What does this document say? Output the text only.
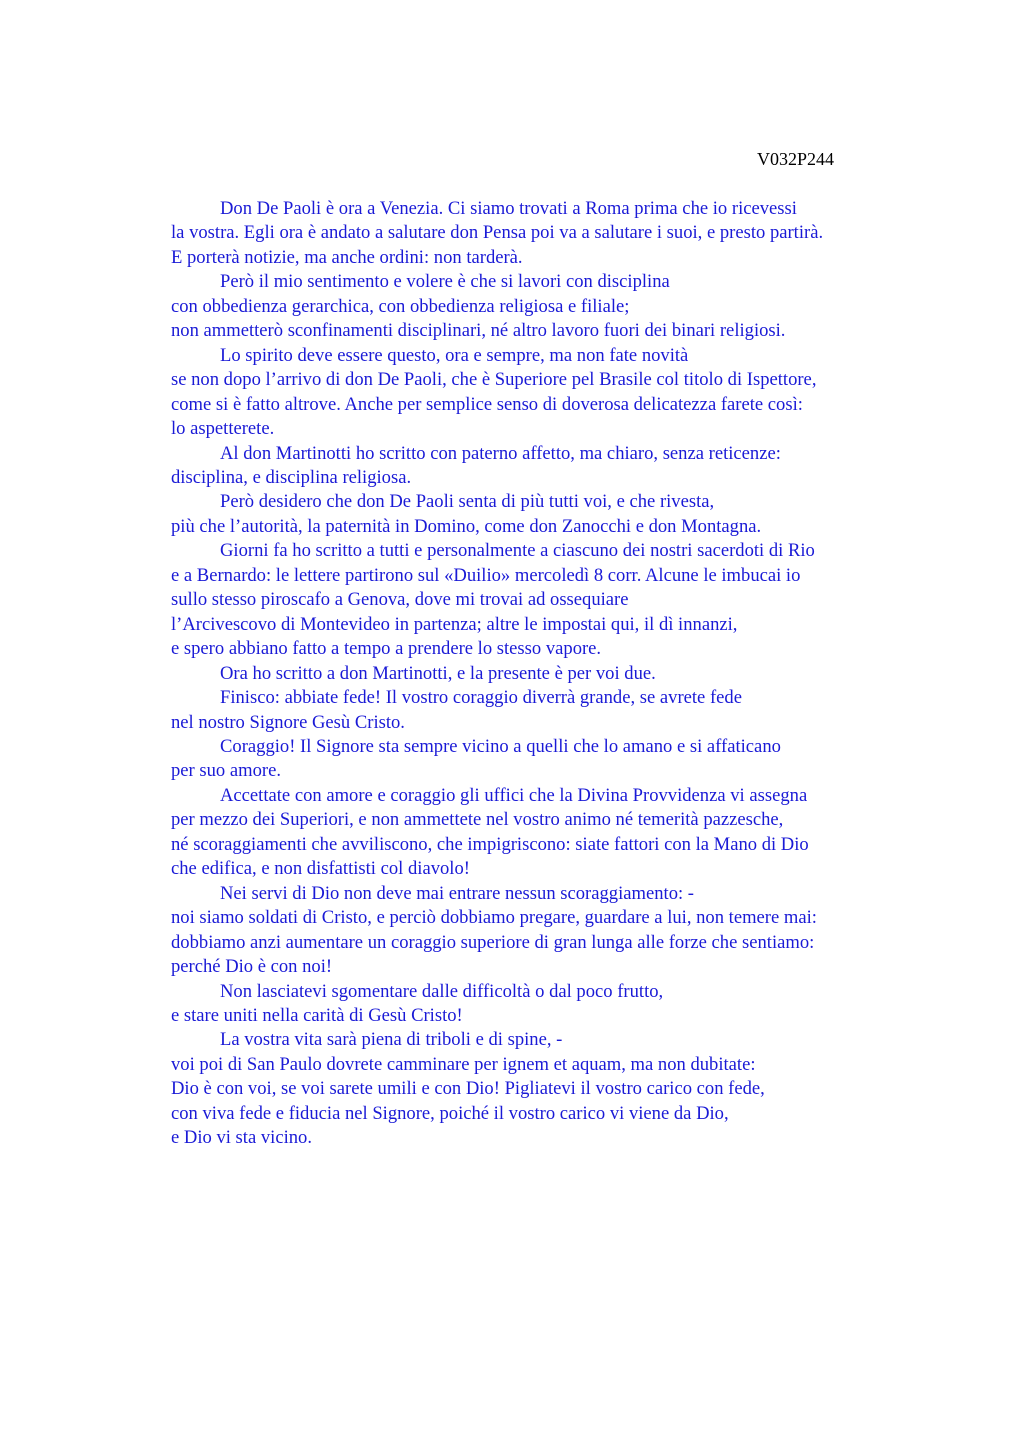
V032P244

Don De Paoli è ora a Venezia. Ci siamo trovati a Roma prima che io ricevessi
la vostra. Egli ora è andato a salutare don Pensa poi va a salutare i suoi, e presto partirà.
E porterà notizie, ma anche ordini: non tarderà.

Però il mio sentimento e volere è che si lavori con disciplina
con obbedienza gerarchica, con obbedienza religiosa e filiale;
non ammetterò sconfinamenti disciplinari, né altro lavoro fuori dei binari religiosi.

Lo spirito deve essere questo, ora e sempre, ma non fate novità
se non dopo l’arrivo di don De Paoli, che è Superiore pel Brasile col titolo di Ispettore,
come si è fatto altrove. Anche per semplice senso di doverosa delicatezza farete così:
lo aspetterete.

Al don Martinotti ho scritto con paterno affetto, ma chiaro, senza reticenze:
disciplina, e disciplina religiosa.

Però desidero che don De Paoli senta di più tutti voi, e che rivesta,
più che l’autorità, la paternità in Domino, come don Zanocchi e don Montagna.

Giorni fa ho scritto a tutti e personalmente a ciascuno dei nostri sacerdoti di Rio
e a Bernardo: le lettere partirono sul «Duilio» mercoledì 8 corr. Alcune le imbucai io
sullo stesso piroscafo a Genova, dove mi trovai ad ossequiare
l’Arcivescovo di Montevideo in partenza; altre le impostai qui, il dì innanzi,
e spero abbiano fatto a tempo a prendere lo stesso vapore.

Ora ho scritto a don Martinotti, e la presente è per voi due.

Finisco: abbiate fede! Il vostro coraggio diverrà grande, se avrete fede
nel nostro Signore Gesù Cristo.

Coraggio! Il Signore sta sempre vicino a quelli che lo amano e si affaticano
per suo amore.

Accettate con amore e coraggio gli uffici che la Divina Provvidenza vi assegna
per mezzo dei Superiori, e non ammettete nel vostro animo né temerità pazzesche,
né scoraggiamenti che avviliscono, che impigriscono: siate fattori con la Mano di Dio
che edifica, e non disfattisti col diavolo!

Nei servi di Dio non deve mai entrare nessun scoraggiamento: -
noi siamo soldati di Cristo, e perciò dobbiamo pregare, guardare a lui, non temere mai:
dobbiamo anzi aumentare un coraggio superiore di gran lunga alle forze che sentiamo:
perché Dio è con noi!

Non lasciatevi sgomentare dalle difficoltà o dal poco frutto,
e stare uniti nella carità di Gesù Cristo!

La vostra vita sarà piena di triboli e di spine, -
voi poi di San Paulo dovrete camminare per ignem et aquam, ma non dubitate:
Dio è con voi, se voi sarete umili e con Dio! Pigliatevi il vostro carico con fede,
con viva fede e fiducia nel Signore, poiché il vostro carico vi viene da Dio,
e Dio vi sta vicino.
